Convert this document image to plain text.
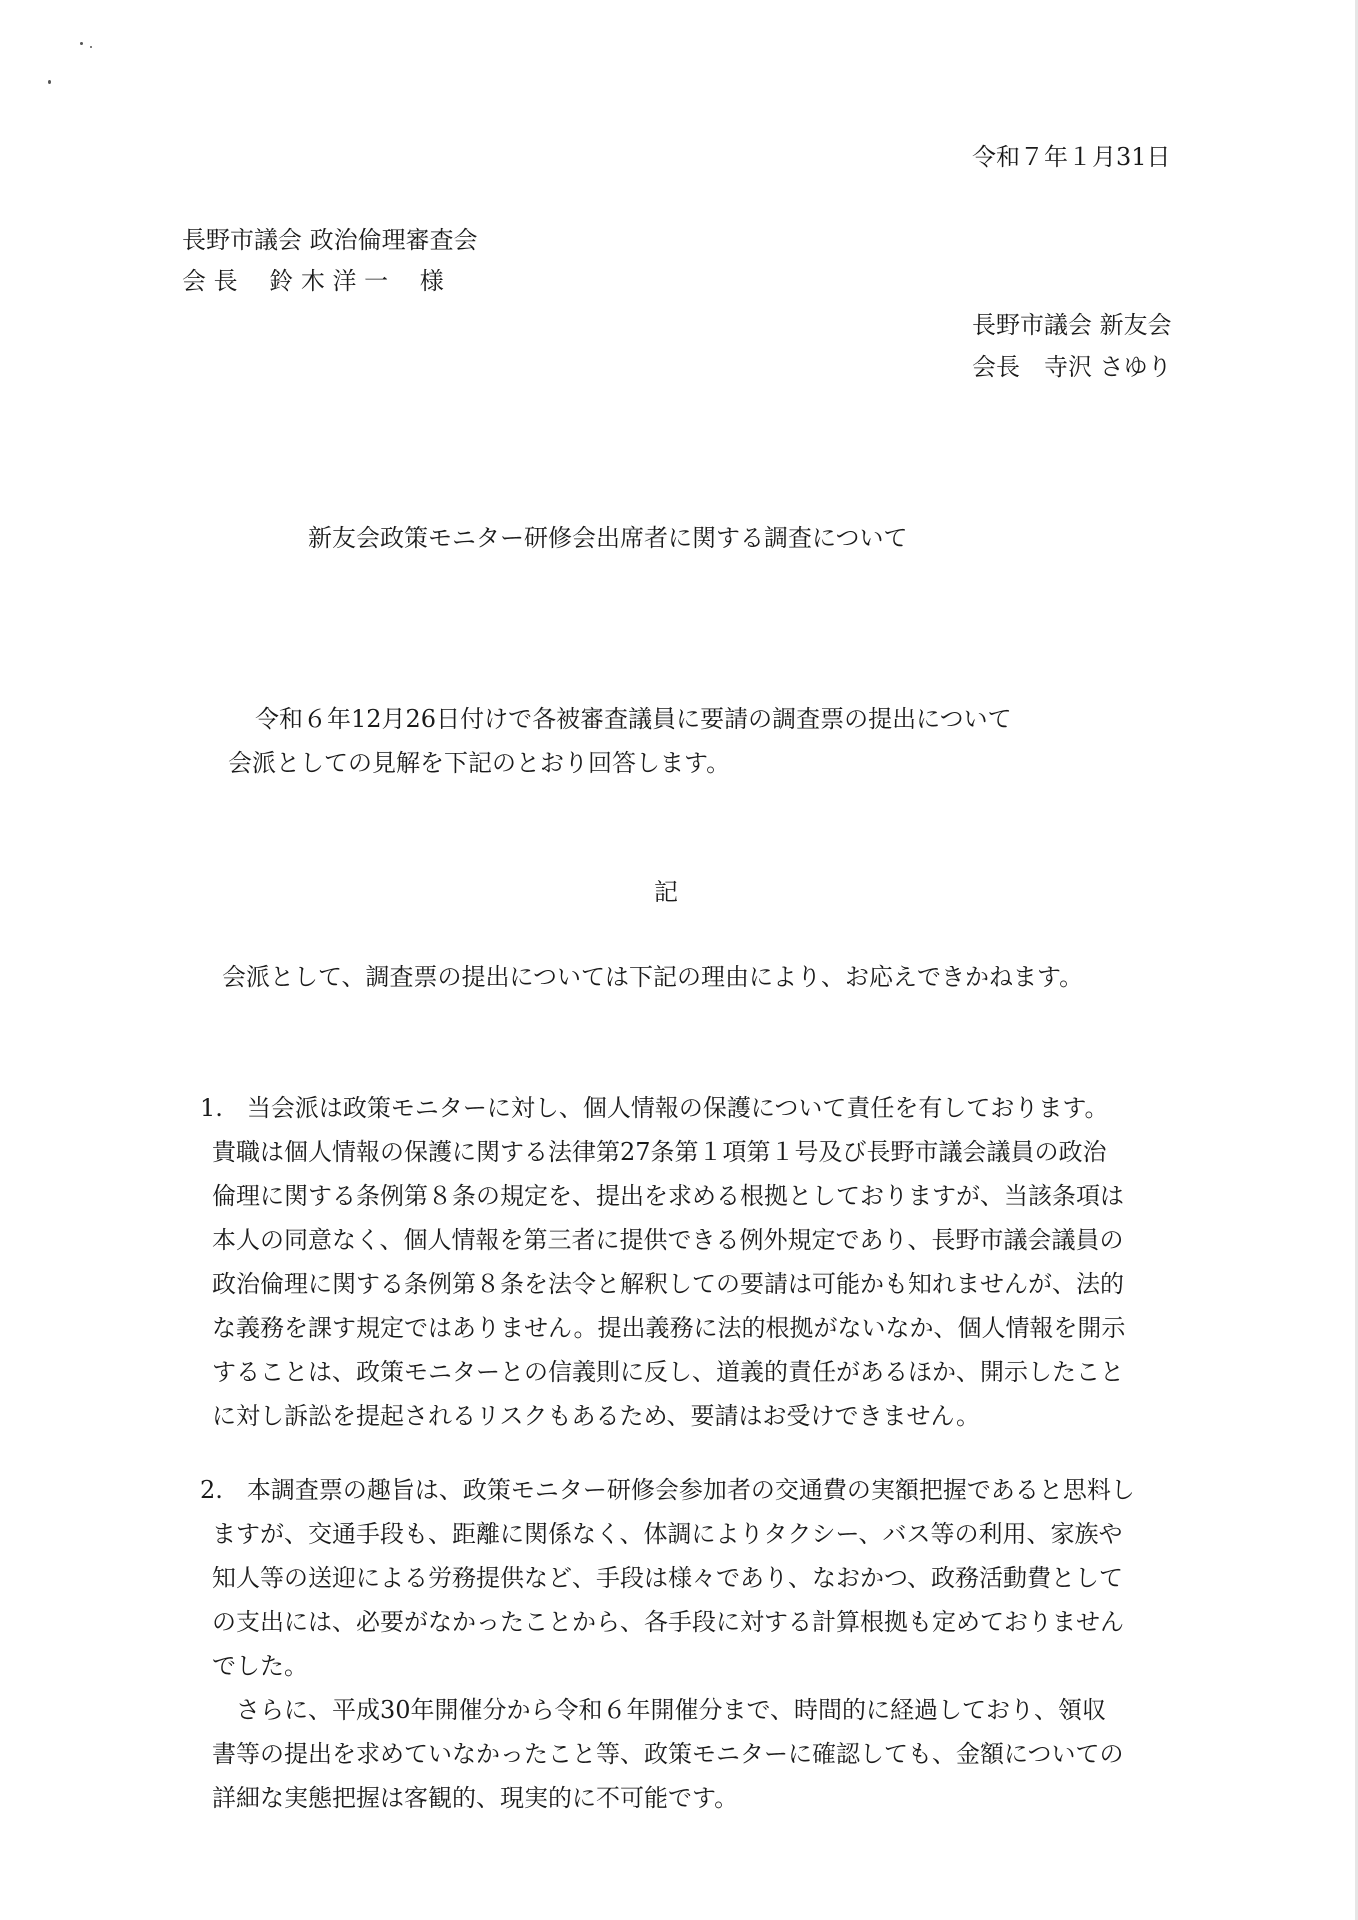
令和７年１月31日
長野市議会 政治倫理審査会
会 長　 鈴 木 洋 一　 様
長野市議会 新友会
会長　寺沢 さゆり
新友会政策モニター研修会出席者に関する調査について
令和６年12月26日付けで各被審査議員に要請の調査票の提出について
会派としての見解を下記のとおり回答します。
記
会派として、調査票の提出については下記の理由により、お応えできかねます。
1.　当会派は政策モニターに対し、個人情報の保護について責任を有しております。
貴職は個人情報の保護に関する法律第27条第１項第１号及び長野市議会議員の政治
倫理に関する条例第８条の規定を、提出を求める根拠としておりますが、当該条項は
本人の同意なく、個人情報を第三者に提供できる例外規定であり、長野市議会議員の
政治倫理に関する条例第８条を法令と解釈しての要請は可能かも知れませんが、法的
な義務を課す規定ではありません。提出義務に法的根拠がないなか、個人情報を開示
することは、政策モニターとの信義則に反し、道義的責任があるほか、開示したこと
に対し訴訟を提起されるリスクもあるため、要請はお受けできません。
2.　本調査票の趣旨は、政策モニター研修会参加者の交通費の実額把握であると思料し
ますが、交通手段も、距離に関係なく、体調によりタクシー、バス等の利用、家族や
知人等の送迎による労務提供など、手段は様々であり、なおかつ、政務活動費として
の支出には、必要がなかったことから、各手段に対する計算根拠も定めておりません
でした。
　さらに、平成30年開催分から令和６年開催分まで、時間的に経過しており、領収
書等の提出を求めていなかったこと等、政策モニターに確認しても、金額についての
詳細な実態把握は客観的、現実的に不可能です。
